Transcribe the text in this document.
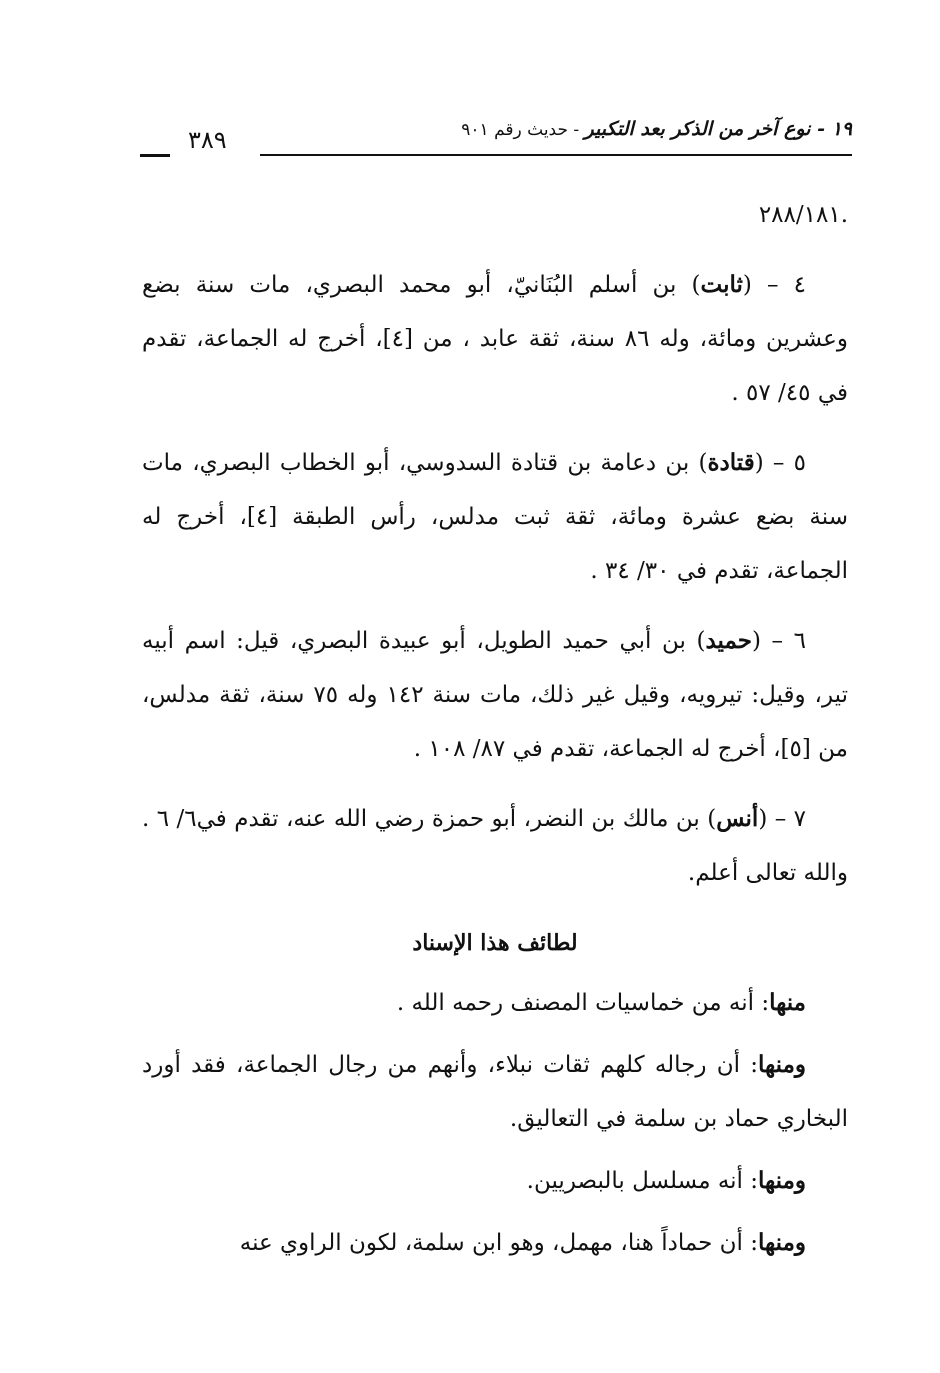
١٩ - نوع آخر من الذكر بعد التكبير - حديث رقم ٩٠١
٣٨٩

.٢٨٨/١٨١

٤ – (ثابت) بن أسلم البُنَانيّ، أبو محمد البصري، مات سنة بضع وعشرين ومائة، وله ٨٦ سنة، ثقة عابد ، من [٤]، أخرج له الجماعة، تقدم في ٤٥/ ٥٧ .

٥ – (قتادة) بن دعامة بن قتادة السدوسي، أبو الخطاب البصري، مات سنة بضع عشرة ومائة، ثقة ثبت مدلس، رأس الطبقة [٤]، أخرج له الجماعة، تقدم في ٣٠/ ٣٤ .

٦ – (حميد) بن أبي حميد الطويل، أبو عبيدة البصري، قيل: اسم أبيه تير، وقيل: تيرويه، وقيل غير ذلك، مات سنة ١٤٢ وله ٧٥ سنة، ثقة مدلس، من [٥]، أخرج له الجماعة، تقدم في ٨٧/ ١٠٨ .

٧ – (أنس) بن مالك بن النضر، أبو حمزة رضي الله عنه، تقدم في٦/ ٦ . والله تعالى أعلم.

لطائف هذا الإسناد

منها: أنه من خماسيات المصنف رحمه الله .

ومنها: أن رجاله كلهم ثقات نبلاء، وأنهم من رجال الجماعة، فقد أورد البخاري حماد بن سلمة في التعاليق.

ومنها: أنه مسلسل بالبصريين.

ومنها: أن حماداً هنا، مهمل، وهو ابن سلمة، لكون الراوي عنه
